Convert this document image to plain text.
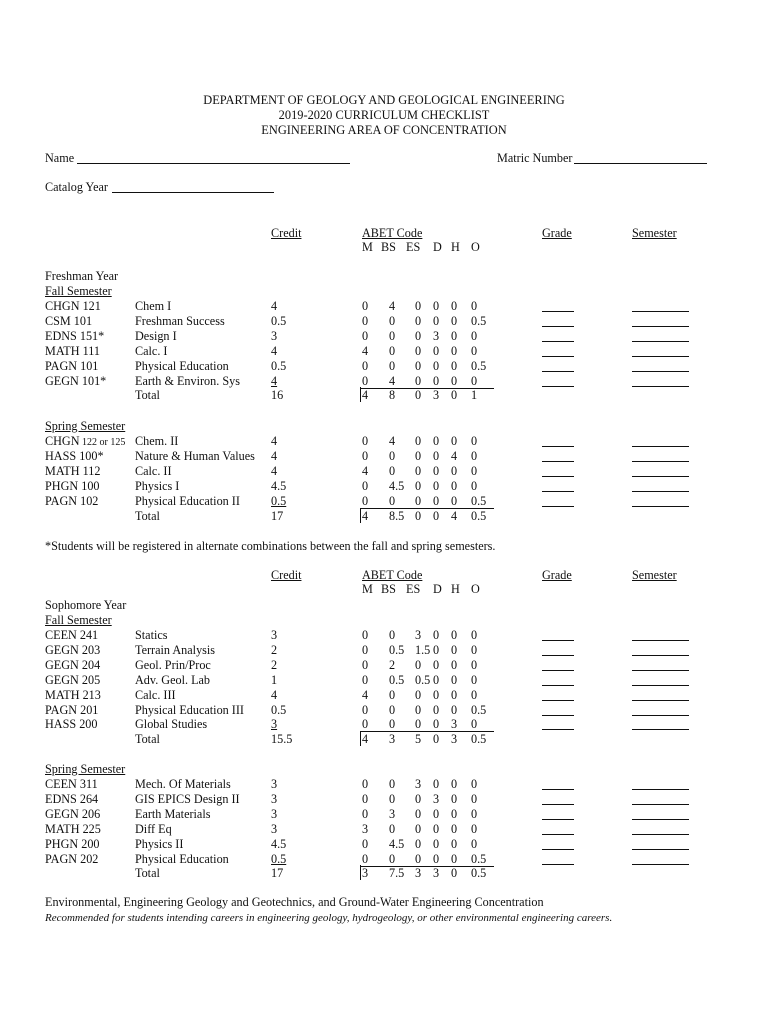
DEPARTMENT OF GEOLOGY AND GEOLOGICAL ENGINEERING
2019-2020 CURRICULUM CHECKLIST
ENGINEERING AREA OF CONCENTRATION
Name	Matric Number
Catalog Year
Credit	ABET Code	Grade	Semester
M BS ES D H O
Credit	ABET Code	Grade	Semester
M BS ES D H O
Freshman Year
Fall Semester
CHGN 121	Chem I	4	0 4 0 0 0 0
CSM 101	Freshman Success	0.5	0 0 0 0 0 0.5
EDNS 151*	Design I	3	0 0 0 3 0 0
MATH 111	Calc. I	4	4 0 0 0 0 0
PAGN 101	Physical Education	0.5	0 0 0 0 0 0.5
GEGN 101* Earth & Environ. Sys	4	0 4 0 0 0 0
Total	16	4 8 0 3 0 1
Spring Semester
CHGN 122 or 125 Chem. II	4	0 4 0 0 0 0
HASS 100*	Nature & Human Values 4	0 0 0 0 4 0
MATH 112	Calc. II	4	4 0 0 0 0 0
PHGN 100	Physics I	4.5	0 4.5 0 0 0 0
PAGN 102	Physical Education II	0.5	0 0 0 0 0 0.5
Total	17	4 8.5 0 0 4 0.5
Sophomore Year
Fall Semester
CEEN 241	Statics	3	0 0 3 0 0 0
GEGN 203	Terrain Analysis	2	0 0.5 1.5 0 0 0
GEGN 204	Geol. Prin/Proc	2	0 2 0 0 0 0
GEGN 205	Adv. Geol. Lab	1	0 0.5 0.5 0 0 0
MATH 213	Calc. III	4	4 0 0 0 0 0
PAGN 201	Physical Education III 0.5	0 0 0 0 0 0.5
HASS 200	Global Studies	3	0 0 0 0 3 0
Total	15.5	4 3 5 0 3 0.5
Spring Semester
CEEN 311	Mech. Of Materials	3	0 0 3 0 0 0
EDNS 264	GIS EPICS Design II	3	0 0 0 3 0 0
GEGN 206	Earth Materials	3	0 3 0 0 0 0
MATH 225	Diff Eq	3	3 0 0 0 0 0
PHGN 200	Physics II	4.5	0 4.5 0 0 0 0
PAGN 202	Physical Education	0.5	0 0 0 0 0 0.5
Total	17	3 7.5 3 3 0 0.5
*Students will be registered in alternate combinations between the fall and spring semesters.
Environmental, Engineering Geology and Geotechnics, and Ground-Water Engineering Concentration
Recommended for students intending careers in engineering geology, hydrogeology, or other environmental engineering careers.
